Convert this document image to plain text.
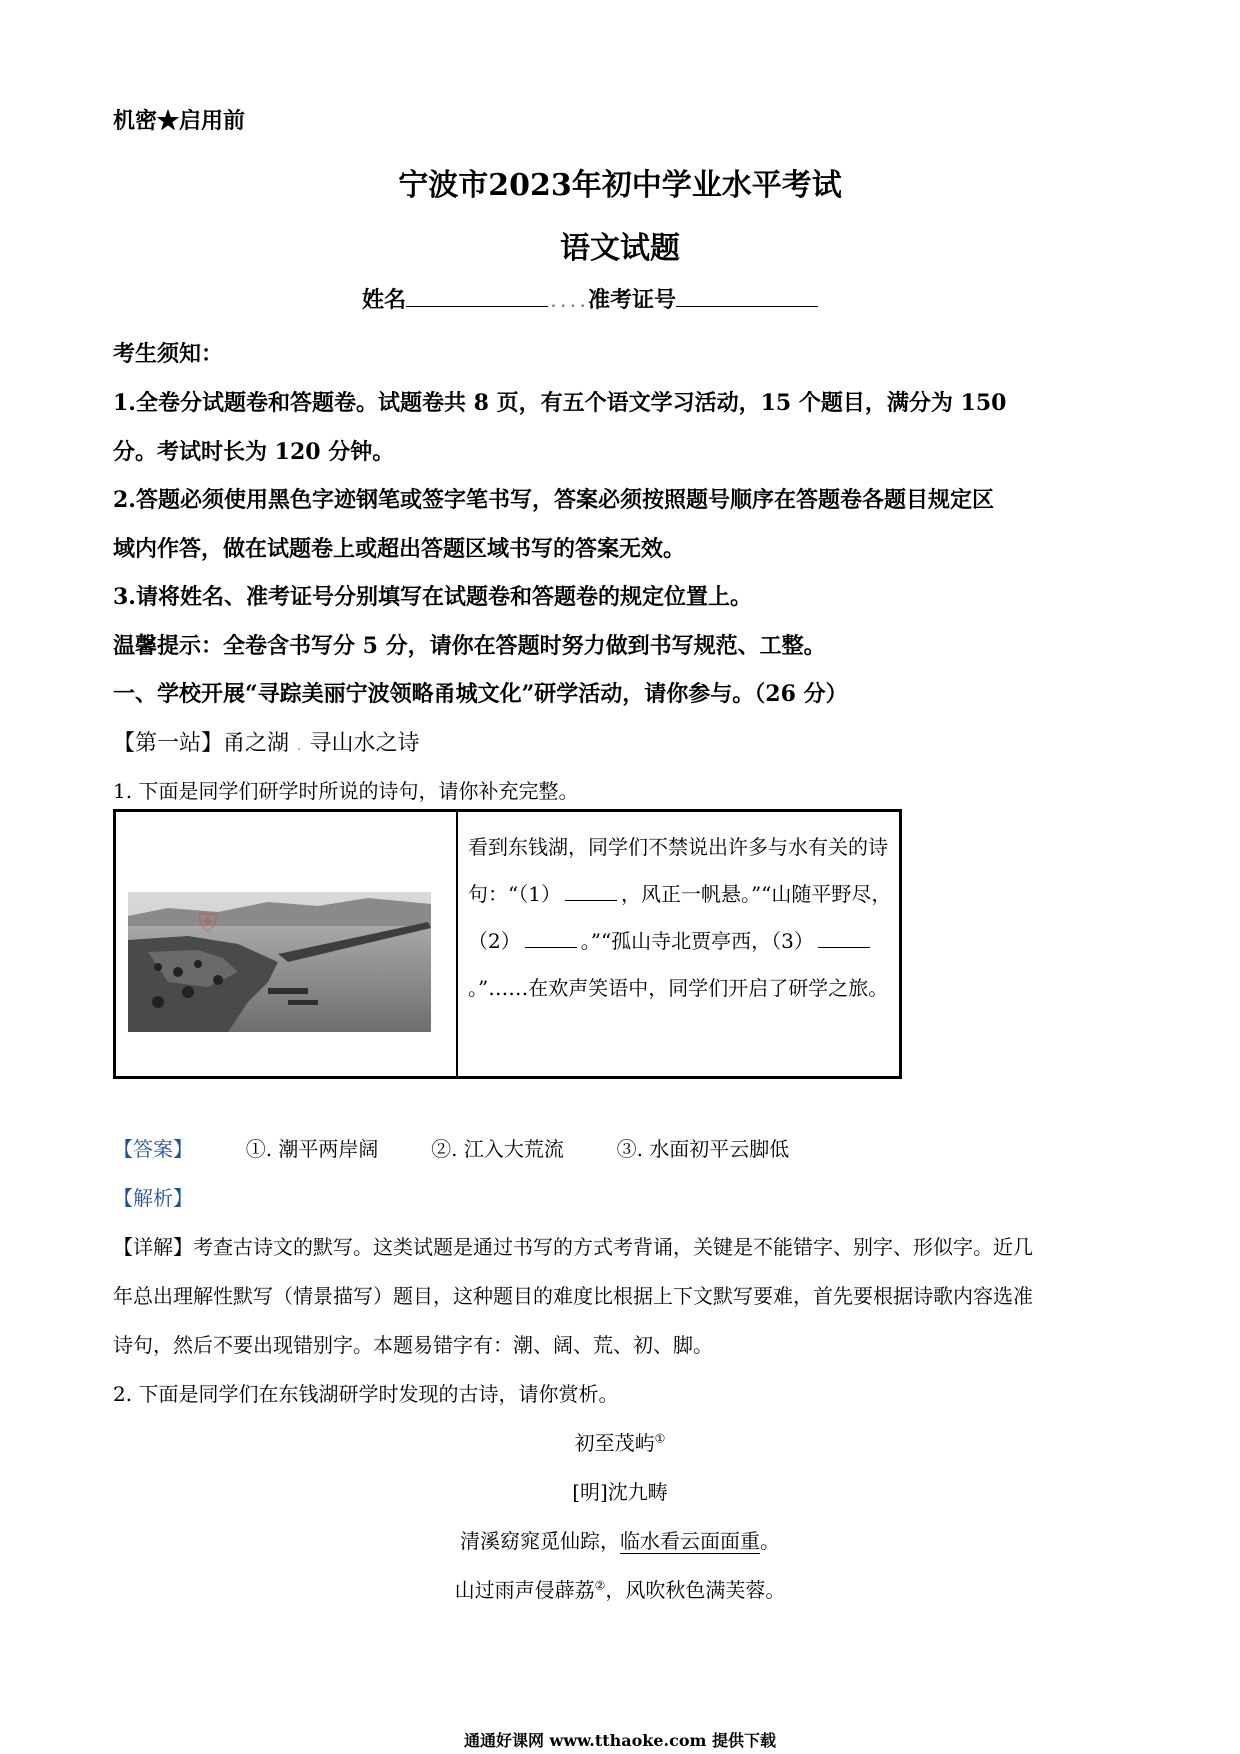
机密★启用前
宁波市2023年初中学业水平考试
语文试题
姓名	. . . . 准考证号
考生须知：
1.全卷分试题卷和答题卷。试题卷共 8 页，有五个语文学习活动，15 个题目，满分为 150
分。考试时长为 120 分钟。
2.答题必须使用黑色字迹钢笔或签字笔书写，答案必须按照题号顺序在答题卷各题目规定区
域内作答，做在试题卷上或超出答题区域书写的答案无效。
3.请将姓名、准考证号分别填写在试题卷和答题卷的规定位置上。
温馨提示：全卷含书写分 5 分，请你在答题时努力做到书写规范、工整。
一、学校开展“寻踪美丽宁波领略甬城文化”研学活动，请你参与。（26 分）
【第一站】甬之湖 . 寻山水之诗
1. 下面是同学们研学时所说的诗句，请你补充完整。
⛨
看到东钱湖，同学们不禁说出许多与水有关的诗句：“（1）	，风正一帆悬。”“山随平野尽，（2）	。”“孤山寺北贾亭西，（3）。”……在欢声笑语中，同学们开启了研学之旅。
【答案】	①. 潮平两岸阔	②. 江入大荒流	③. 水面初平云脚低
【解析】
【详解】考查古诗文的默写。这类试题是通过书写的方式考背诵，关键是不能错字、别字、形似字。近几
年总出理解性默写（情景描写）题目，这种题目的难度比根据上下文默写要难，首先要根据诗歌内容选准
诗句，然后不要出现错别字。本题易错字有：潮、阔、荒、初、脚。
2. 下面是同学们在东钱湖研学时发现的古诗，请你赏析。
初至茂屿①
[明]沈九畴
清溪窈窕觅仙踪，临水看云面面重。
山过雨声侵薜荔②，风吹秋色满芙蓉。
通通好课网 www.tthaoke.com 提供下载
